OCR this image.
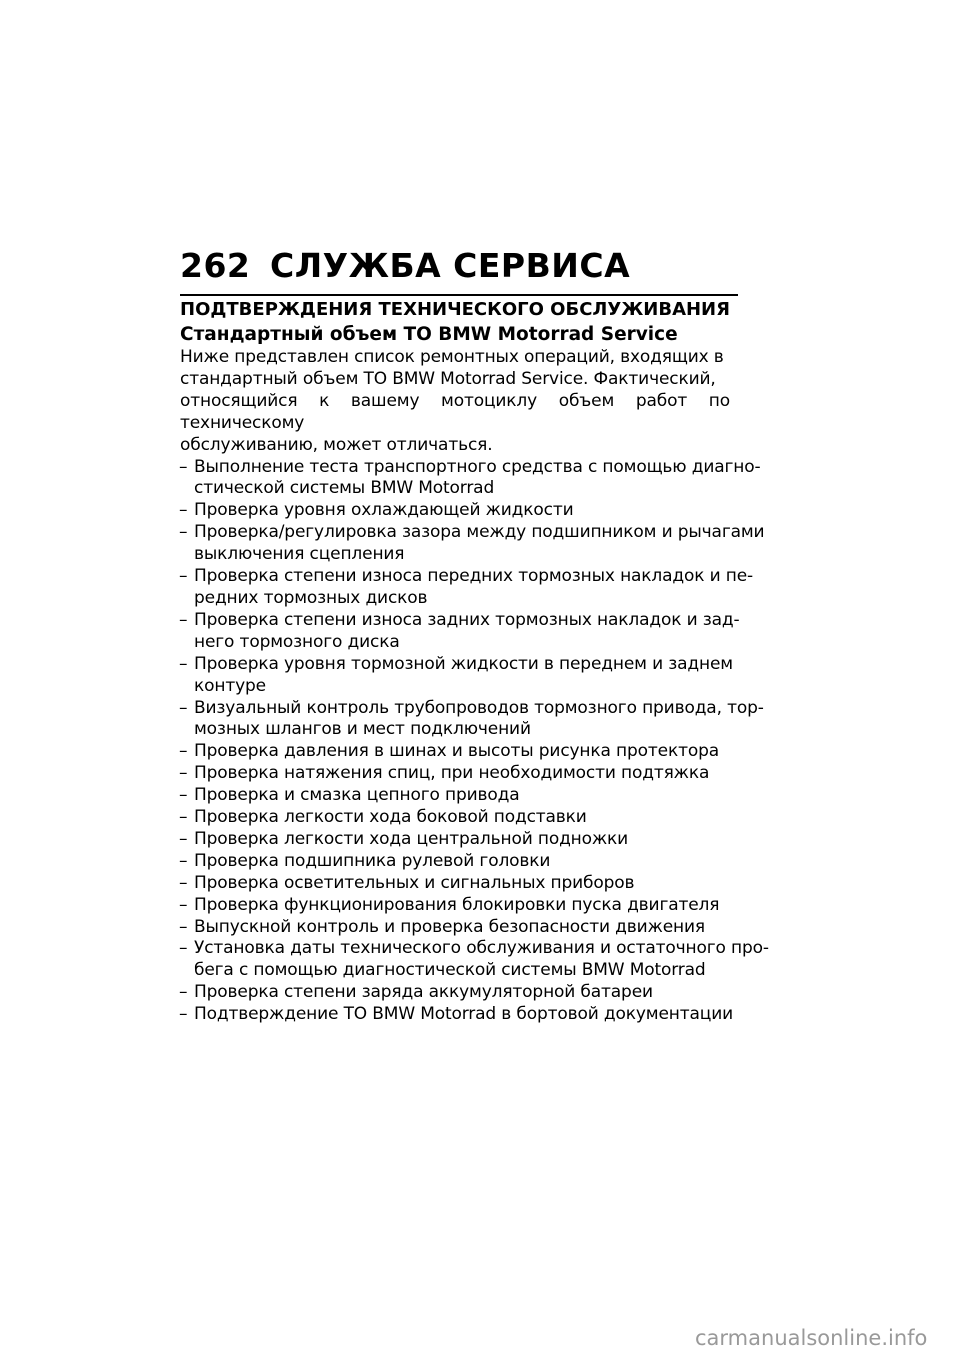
262 СЛУЖБА СЕРВИСА
ПОДТВЕРЖДЕНИЯ ТЕХНИЧЕСКОГО ОБСЛУЖИВАНИЯ
Стандартный объем ТО BMW Motorrad Service

Ниже представлен список ремонтных операций, входящих в
стандартный объем ТО BMW Motorrad Service. Фактический,
относящийся к вашему мотоциклу объем работ по техническому
обслуживанию, может отличаться.

– Выполнение теста транспортного средства с помощью диагно-
стической системы BMW Motorrad
– Проверка уровня охлаждающей жидкости
– Проверка/регулировка зазора между подшипником и рычагами
выключения сцепления
– Проверка степени износа передних тормозных накладок и пе-
редних тормозных дисков
– Проверка степени износа задних тормозных накладок и зад-
него тормозного диска
– Проверка уровня тормозной жидкости в переднем и заднем
контуре
– Визуальный контроль трубопроводов тормозного привода, тор-
мозных шлангов и мест подключений
– Проверка давления в шинах и высоты рисунка протектора
– Проверка натяжения спиц, при необходимости подтяжка
– Проверка и смазка цепного привода
– Проверка легкости хода боковой подставки
– Проверка легкости хода центральной подножки
– Проверка подшипника рулевой головки
– Проверка осветительных и сигнальных приборов
– Проверка функционирования блокировки пуска двигателя
– Выпускной контроль и проверка безопасности движения
– Установка даты технического обслуживания и остаточного про-
бега с помощью диагностической системы BMW Motorrad
– Проверка степени заряда аккумуляторной батареи
– Подтверждение ТО BMW Motorrad в бортовой документации
carmanualsonline.info
